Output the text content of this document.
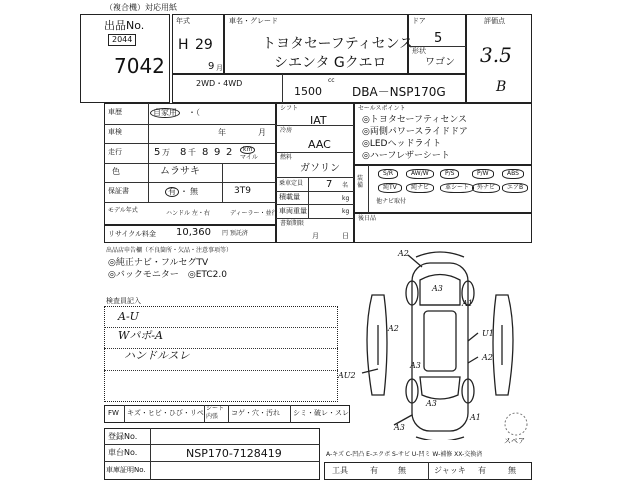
（複合機）対応用紙
出品No.
2044
7042
年式
H 29
9 月
車名・グレード
トヨタセーフティセンス
シエンタ Gクエロ
ドア
5
形状
ワゴン
評価点
3.5
B
2WD・4WD
1500
cc
DBA－NSP170G
車歴	自家用	・（
車検	年	月
走行	5 万 8 千 8 9 2	km
マイル
色	ムラサキ
保証書	有 ・ 無	3T9
モデル年式	ハンドル 左・右	ディーラー・並行
リサイクル料金 10,360 円 預託済
シフト
IAT
冷房
AAC
燃料
ガソリン
乗車定員 7 名
積載量	kg
車両重量	kg
書類期限
月	日
セールスポイント
◎トヨタセーフティセンス
◎両側パワースライドドア
◎LEDヘッドライト
◎ハーフレザーシート
装備
S/R	AW/W	P/S	P/W	ABS
純TV	純ナビ	革シート	外ナビ	エアB
他ナビ取付
後日品
出品店申告欄（不良箇所・欠品・注意事項等）
◎純正ナビ・フルセグTV
◎バックモニター　◎ETC2.0
検査員記入
A-U
Wパポ-A
ハンドルスレ
A2
A3
A1
A2
U1
A2
A3
AU2
A3
A1
A3
スペア
FW キズ・ヒビ・ひび・リペ
シート
内張 コゲ・穴・汚れ シミ・破レ・スレ
登録No.
車台No.	NSP170-7128419
車庫証明No.
A-キズ C-凹凸 E-エクボ S-サビ U-凹ミ W-補修 XX-交換済
工具	有	無	ジャッキ 有	無
